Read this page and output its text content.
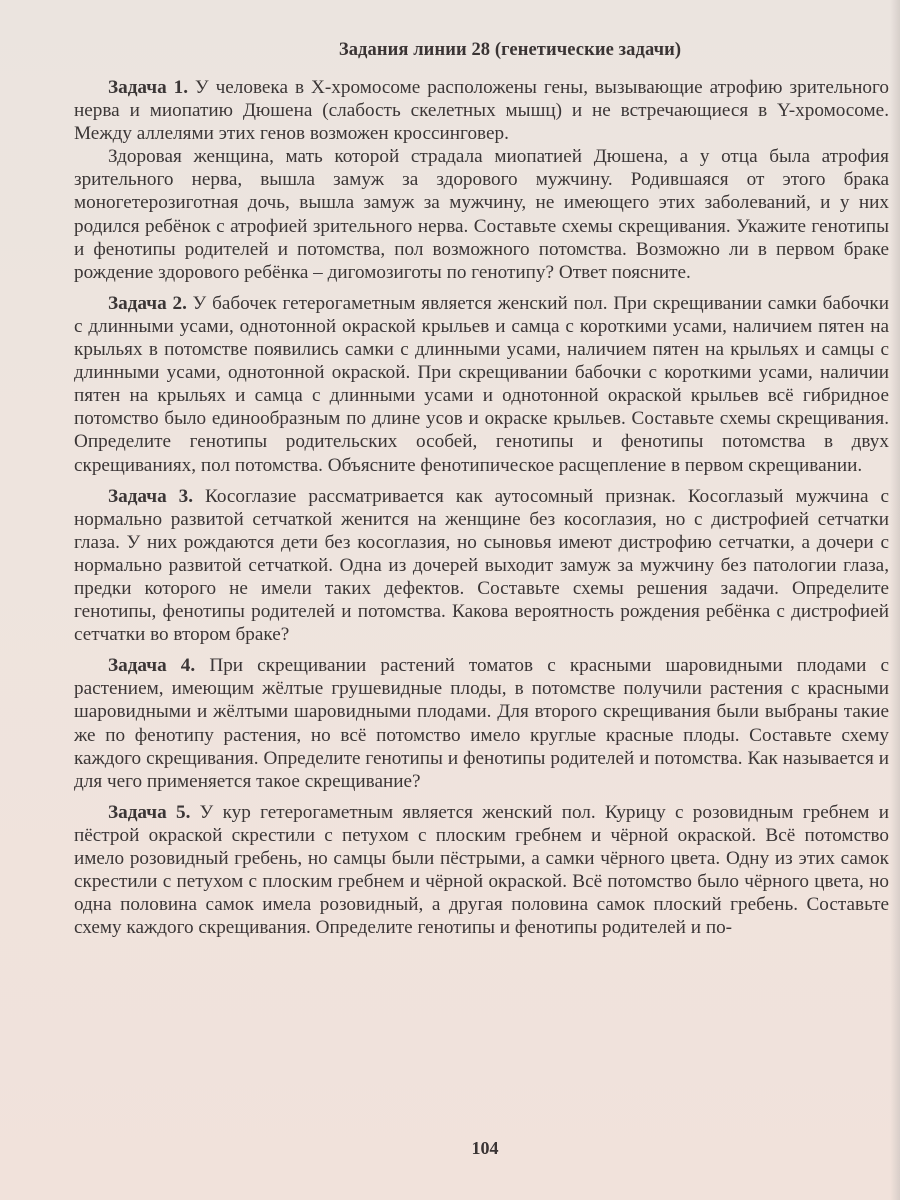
Задания линии 28 (генетические задачи)

Задача 1. У человека в X-хромосоме расположены гены, вызывающие атрофию зрительного нерва и миопатию Дюшена (слабость скелетных мышц) и не встречающиеся в Y-хромосоме. Между аллелями этих генов возможен кроссинговер.

Здоровая женщина, мать которой страдала миопатией Дюшена, а у отца была атрофия зрительного нерва, вышла замуж за здорового мужчину. Родившаяся от этого брака моногетерозиготная дочь, вышла замуж за мужчину, не имеющего этих заболеваний, и у них родился ребёнок с атрофией зрительного нерва. Составьте схемы скрещивания. Укажите генотипы и фенотипы родителей и потомства, пол возможного потомства. Возможно ли в первом браке рождение здорового ребёнка – дигомозиготы по генотипу? Ответ поясните.

Задача 2. У бабочек гетерогаметным является женский пол. При скрещивании самки бабочки с длинными усами, однотонной окраской крыльев и самца с короткими усами, наличием пятен на крыльях в потомстве появились самки с длинными усами, наличием пятен на крыльях и самцы с длинными усами, однотонной окраской. При скрещивании бабочки с короткими усами, наличии пятен на крыльях и самца с длинными усами и однотонной окраской крыльев всё гибридное потомство было единообразным по длине усов и окраске крыльев. Составьте схемы скрещивания. Определите генотипы родительских особей, генотипы и фенотипы потомства в двух скрещиваниях, пол потомства. Объясните фенотипическое расщепление в первом скрещивании.

Задача 3. Косоглазие рассматривается как аутосомный признак. Косоглазый мужчина с нормально развитой сетчаткой женится на женщине без косоглазия, но с дистрофией сетчатки глаза. У них рождаются дети без косоглазия, но сыновья имеют дистрофию сетчатки, а дочери с нормально развитой сетчаткой. Одна из дочерей выходит замуж за мужчину без патологии глаза, предки которого не имели таких дефектов. Составьте схемы решения задачи. Определите генотипы, фенотипы родителей и потомства. Какова вероятность рождения ребёнка с дистрофией сетчатки во втором браке?

Задача 4. При скрещивании растений томатов с красными шаровидными плодами с растением, имеющим жёлтые грушевидные плоды, в потомстве получили растения с красными шаровидными и жёлтыми шаровидными плодами. Для второго скрещивания были выбраны такие же по фенотипу растения, но всё потомство имело круглые красные плоды. Составьте схему каждого скрещивания. Определите генотипы и фенотипы родителей и потомства. Как называется и для чего применяется такое скрещивание?

Задача 5. У кур гетерогаметным является женский пол. Курицу с розовидным гребнем и пёстрой окраской скрестили с петухом с плоским гребнем и чёрной окраской. Всё потомство имело розовидный гребень, но самцы были пёстрыми, а самки чёрного цвета. Одну из этих самок скрестили с петухом с плоским гребнем и чёрной окраской. Всё потомство было чёрного цвета, но одна половина самок имела розовидный, а другая половина самок плоский гребень. Составьте схему каждого скрещивания. Определите генотипы и фенотипы родителей и по-

104
